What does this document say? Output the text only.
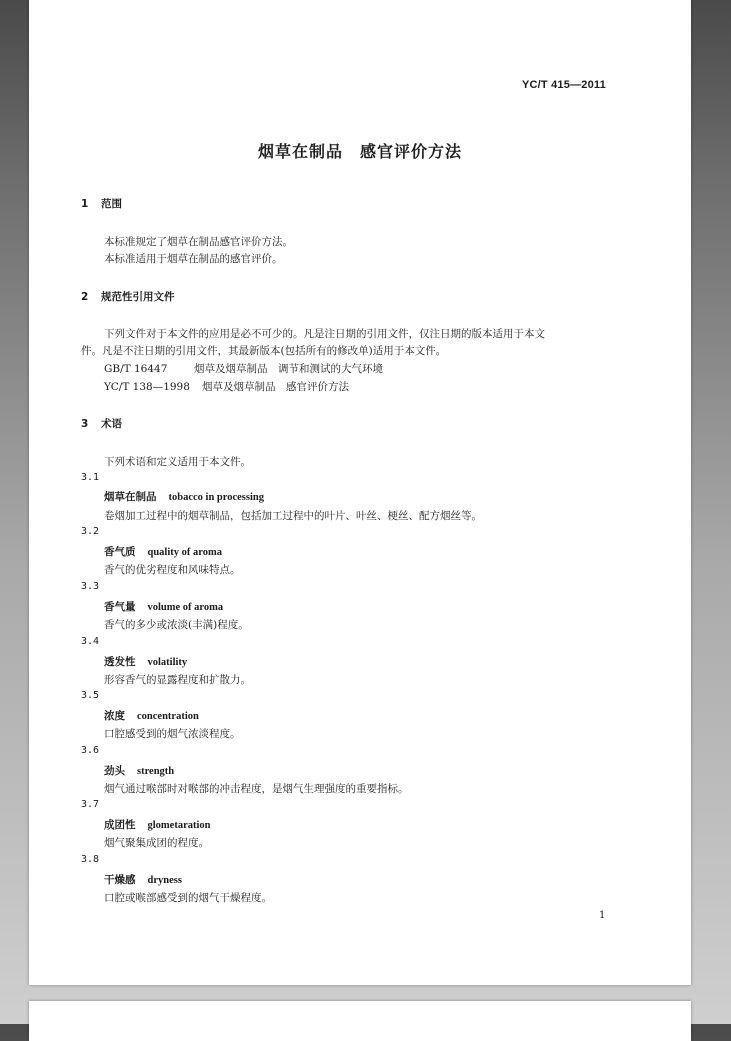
YC/T 415—2011
烟草在制品　感官评价方法
1 范围
本标准规定了烟草在制品感官评价方法。
本标准适用于烟草在制品的感官评价。
2 规范性引用文件
下列文件对于本文件的应用是必不可少的。凡是注日期的引用文件，仅注日期的版本适用于本文
件。凡是不注日期的引用文件，其最新版本(包括所有的修改单)适用于本文件。
GB/T 16447	烟草及烟草制品　调节和测试的大气环境
YC/T 138—1998 烟草及烟草制品　感官评价方法
3 术语
下列术语和定义适用于本文件。
3.1
烟草在制品 tobacco in processing
卷烟加工过程中的烟草制品，包括加工过程中的叶片、叶丝、梗丝、配方烟丝等。
3.2
香气质 quality of aroma
香气的优劣程度和风味特点。
3.3
香气量 volume of aroma
香气的多少或浓淡(丰满)程度。
3.4
透发性 volatility
形容香气的显露程度和扩散力。
3.5
浓度 concentration
口腔感受到的烟气浓淡程度。
3.6
劲头 strength
烟气通过喉部时对喉部的冲击程度，是烟气生理强度的重要指标。
3.7
成团性 glometaration
烟气聚集成团的程度。
3.8
干燥感 dryness
口腔或喉部感受到的烟气干燥程度。
1
